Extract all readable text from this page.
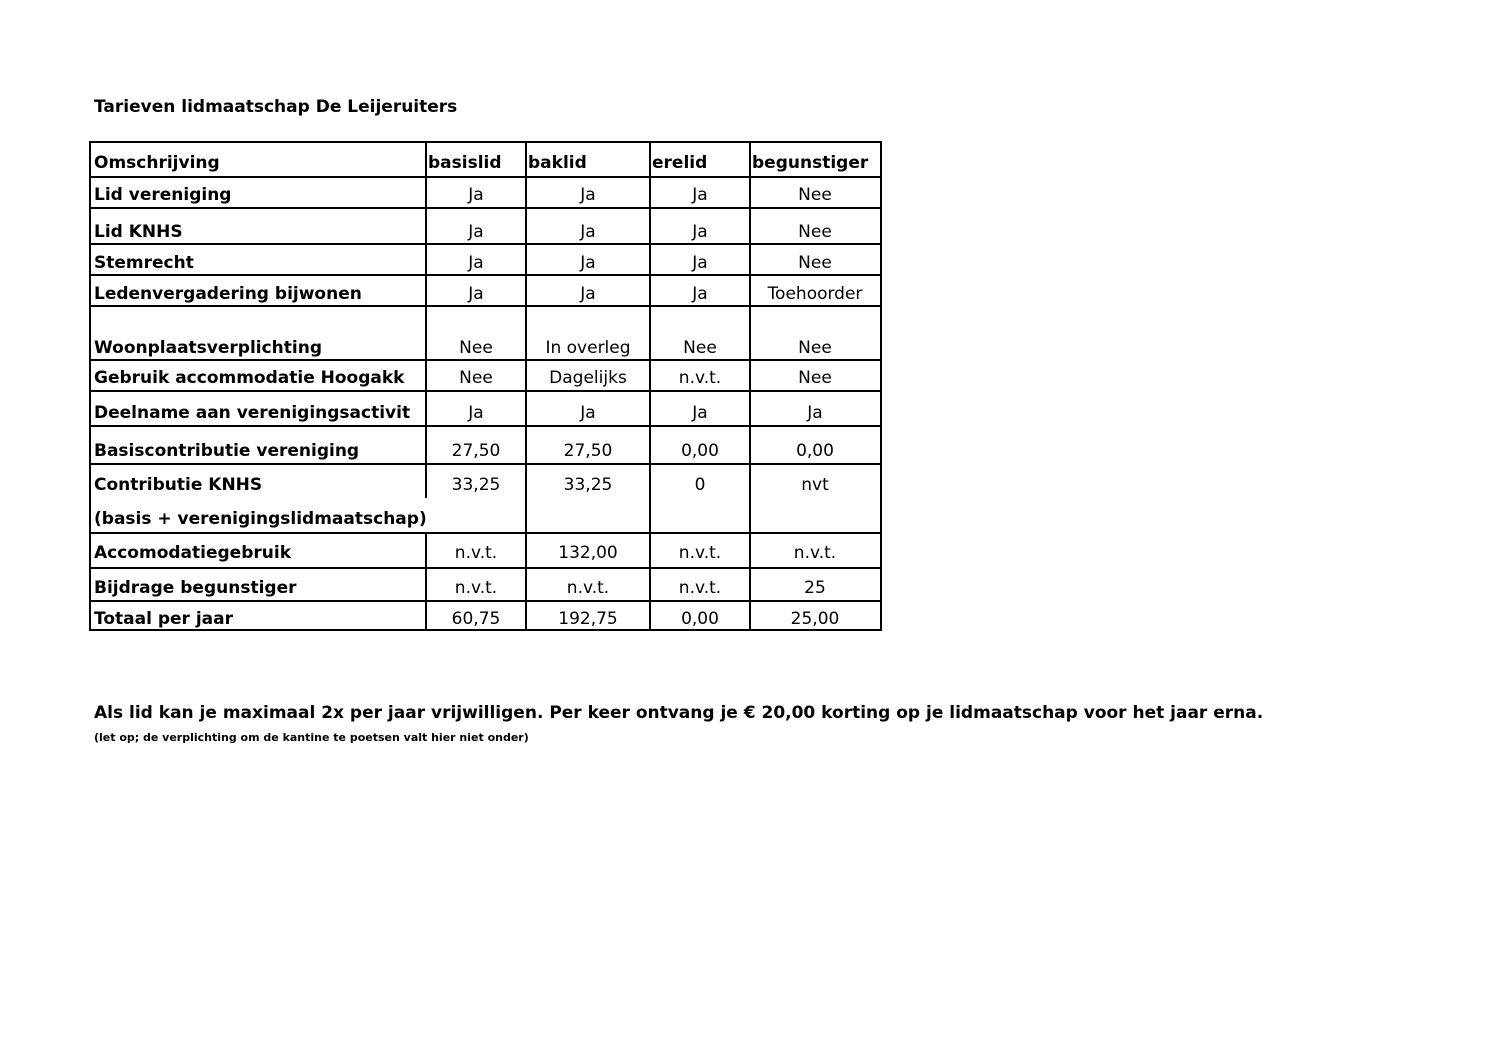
Tarieven lidmaatschap De Leijeruiters
Omschrijving	basislid	baklid	erelid	begunstiger
Lid vereniging	Ja	Ja	Ja	Nee
Lid KNHS	Ja	Ja	Ja	Nee
Stemrecht	Ja	Ja	Ja	Nee
Ledenvergadering bijwonen	Ja	Ja	Ja	Toehoorder
Woonplaatsverplichting	Nee	In overleg	Nee	Nee
Gebruik accommodatie Hoogakk	Nee	Dagelijks	n.v.t.	Nee
Deelname aan verenigingsactivit	Ja	Ja	Ja	Ja
Basiscontributie vereniging	27,50	27,50	0,00	0,00
Contributie KNHS	33,25	33,25	0	nvt
(basis + verenigingslidmaatschap)
Accomodatiegebruik	n.v.t.	132,00	n.v.t.	n.v.t.
Bijdrage begunstiger	n.v.t.	n.v.t.	n.v.t.	25
Totaal per jaar	60,75	192,75	0,00	25,00
Als lid kan je maximaal 2x per jaar vrijwilligen. Per keer ontvang je € 20,00 korting op je lidmaatschap voor het jaar erna.
(let op; de verplichting om de kantine te poetsen valt hier niet onder)
